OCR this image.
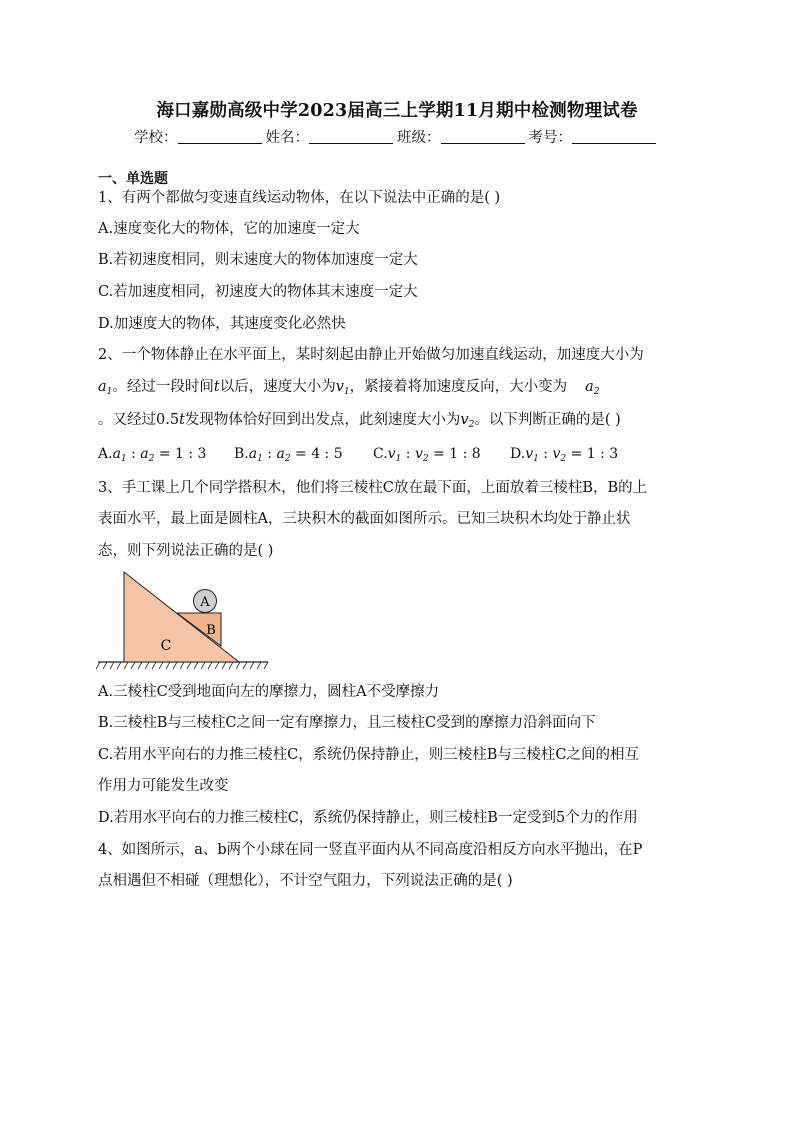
海口嘉勋高级中学2023届高三上学期11月期中检测物理试卷
学校：	姓名：	班级：	考号：
一、单选题
1、有两个都做匀变速直线运动物体，在以下说法中正确的是( )
A.速度变化大的物体，它的加速度一定大
B.若初速度相同，则末速度大的物体加速度一定大
C.若加速度相同，初速度大的物体其末速度一定大
D.加速度大的物体，其速度变化必然快
2、一个物体静止在水平面上，某时刻起由静止开始做匀加速直线运动，加速度大小为
$a_1$。经过一段时间t以后，速度大小为$v_1$，紧接着将加速度反向，大小变为 $a_2$
。又经过0.5t发现物体恰好回到出发点，此刻速度大小为$v_2$。以下判断正确的是( )
$A.a_1$ : $a_2 = 1$ : 3 $B.a_1$ : $a_2 = 4$ : 5 $C.v_1$ : $v_2 = 1$ : 8 $D.v_1$ : $v_2 = 1$ : 3
3、手工课上几个同学搭积木，他们将三棱柱C放在最下面，上面放着三棱柱B，B的上
表面水平，最上面是圆柱A，三块积木的截面如图所示。已知三块积木均处于静止状
态，则下列说法正确的是( )
A
B
C
A.三棱柱C受到地面向左的摩擦力，圆柱A不受摩擦力
B.三棱柱B与三棱柱C之间一定有摩擦力，且三棱柱C受到的摩擦力沿斜面向下
C.若用水平向右的力推三棱柱C，系统仍保持静止，则三棱柱B与三棱柱C之间的相互
作用力可能发生改变
D.若用水平向右的力推三棱柱C，系统仍保持静止，则三棱柱B一定受到5个力的作用
4、如图所示，a、b两个小球在同一竖直平面内从不同高度沿相反方向水平抛出，在P
点相遇但不相碰（理想化），不计空气阻力，下列说法正确的是( )
